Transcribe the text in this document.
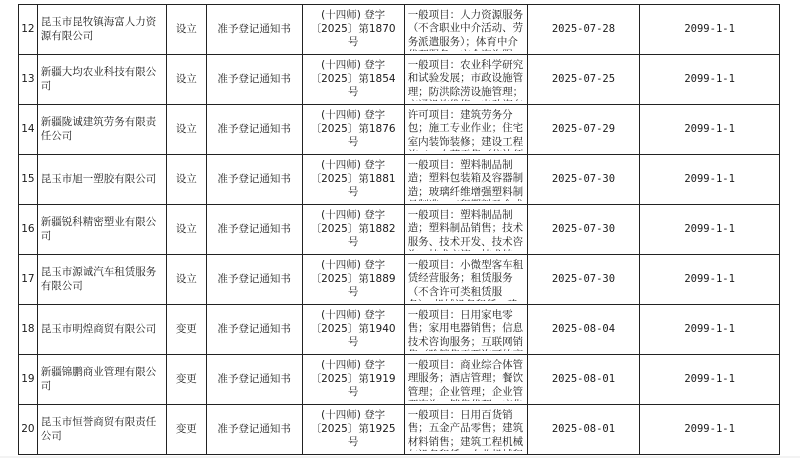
12	昆玉市昆牧镇海富人力资源有限公司	设立	准予登记通知书	(十四师) 登字〔2025〕第1870号	一般项目：人力资源服务（不含职业中介活动、劳务派遣服务）；体育中介	2025-07-28	2099-1-1
13	新疆大均农业科技有限公司	设立	准予登记通知书	(十四师) 登字〔2025〕第1854号	一般项目：农业科学研究和试验发展；市政设施管理；防洪除涝设施管理；	2025-07-25	2099-1-1
14	新疆陇诚建筑劳务有限责任公司	设立	准予登记通知书	(十四师) 登字〔2025〕第1876号	许可项目：建筑劳务分包；施工专业作业；住宅室内装饰装修；建设工程	2025-07-29	2099-1-1
15	昆玉市旭一塑胶有限公司	设立	准予登记通知书	(十四师) 登字〔2025〕第1881号	一般项目：塑料制品制造；塑料包装箱及容器制造；玻璃纤维增强塑料制	2025-07-30	2099-1-1
16	新疆锐科精密塑业有限公司	设立	准予登记通知书	(十四师) 登字〔2025〕第1882号	一般项目：塑料制品制造；塑料制品销售；技术服务、技术开发、技术咨	2025-07-30	2099-1-1
17	昆玉市源诚汽车租赁服务有限公司	设立	准予登记通知书	(十四师) 登字〔2025〕第1889号	一般项目：小微型客车租赁经营服务；租赁服务（不含许可类租赁服	2025-07-30	2099-1-1
18	昆玉市明煌商贸有限公司	变更	准予登记通知书	(十四师) 登字〔2025〕第1940号	一般项目：日用家电零售；家用电器销售；信息技术咨询服务；互联网销	2025-08-04	2099-1-1
19	新疆锦鹏商业管理有限公司	变更	准予登记通知书	(十四师) 登字〔2025〕第1919号	一般项目：商业综合体管理服务；酒店管理；餐饮管理；企业管理；企业管	2025-08-01	2099-1-1
20	昆玉市恒誉商贸有限责任公司	变更	准予登记通知书	(十四师) 登字〔2025〕第1925号	一般项目：日用百货销售；五金产品零售；建筑材料销售；建筑工程机械	2025-08-01	2099-1-1
